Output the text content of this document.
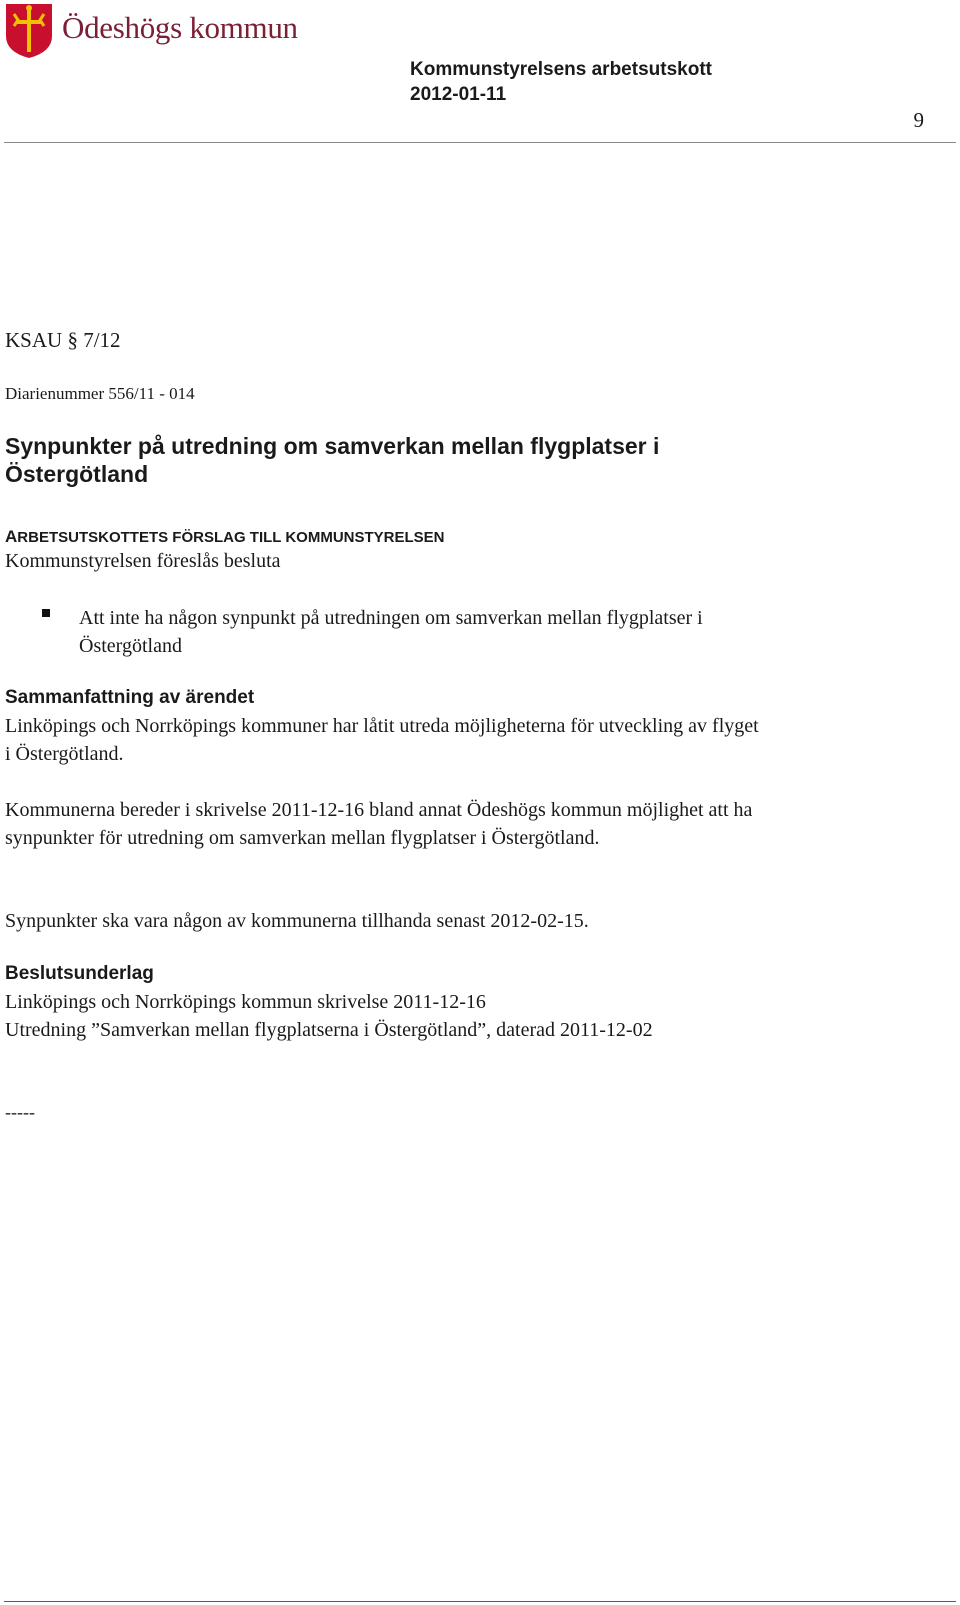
Ödeshögs kommun
Kommunstyrelsens arbetsutskott
2012-01-11
9
KSAU § 7/12
Diarienummer 556/11 - 014
Synpunkter på utredning om samverkan mellan flygplatser i Östergötland
ARBETSUTSKOTTETS FÖRSLAG TILL KOMMUNSTYRELSEN
Kommunstyrelsen föreslås besluta
Att inte ha någon synpunkt på utredningen om samverkan mellan flygplatser i Östergötland
Sammanfattning av ärendet
Linköpings och Norrköpings kommuner har låtit utreda möjligheterna för utveckling av flyget i Östergötland.
Kommunerna bereder i skrivelse 2011-12-16 bland annat Ödeshögs kommun möjlighet att ha synpunkter för utredning om samverkan mellan flygplatser i Östergötland.
Synpunkter ska vara någon av kommunerna tillhanda senast 2012-02-15.
Beslutsunderlag
Linköpings och Norrköpings kommun skrivelse 2011-12-16
Utredning ”Samverkan mellan flygplatserna i Östergötland”, daterad 2011-12-02
-----
